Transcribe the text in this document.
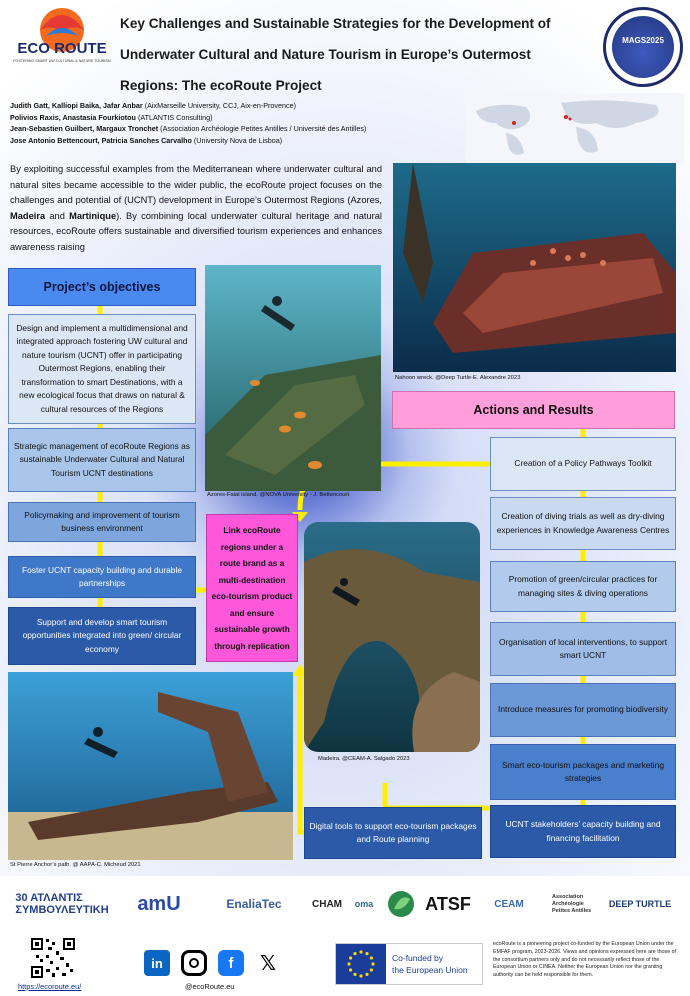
ECO ROUTE
FOSTERING SMART UW CULTURAL & NATURE TOURISM
Key Challenges and Sustainable Strategies for the Development of Underwater Cultural and Nature Tourism in Europe’s Outermost Regions: The ecoRoute Project
MAGS2025
Judith Gatt, Kalliopi Baika, Jafar Anbar (AixMarseille University, CCJ, Aix-en-Provence)
Polivios Raxis, Anastasia Fourkiotou (ATLANTIS Consulting)
Jean-Sebastien Guilbert, Margaux Tronchet (Association Archéologie Petites Antilles / Université des Antilles)
Jose Antonio Bettencourt, Patricia Sanches Carvalho (University Nova de Lisboa)
By exploiting successful examples from the Mediterranean where underwater cultural and natural sites became accessible to the wider public, the ecoRoute project focuses on the challenges and potential of (UCNT) development in Europe’s Outermost Regions (Azores, Madeira and Martinique). By combining local underwater cultural heritage and natural resources, ecoRoute offers sustainable and diversified tourism experiences and enhances awareness raising
Nahoon wreck. @Deep Turtle-E. Alexandre 2023
Azores-Faial island. @NOVA University - J. Bettencourt
Madeira. @CEAM-A. Salgado 2023
St Pierre Anchor’s path. @ AAPA-C. Micheud 2021
Project’s objectives
Design and implement a multidimensional and integrated approach fostering UW cultural and nature tourism (UCNT) offer in participating Outermost Regions, enabling their transformation to smart Destinations, with a new ecological focus that draws on natural & cultural resources of the Regions
Strategic management of ecoRoute Regions as sustainable Underwater Cultural and Natural Tourism UCNT destinations
Policymaking and improvement of tourism business environment
Foster UCNT capacity building and durable partnerships
Support and develop smart tourism opportunities integrated into green/ circular economy
Link ecoRoute regions under a route brand as a multi-destination eco-tourism product and ensure sustainable growth through replication
Actions and Results
Creation of a Policy Pathways Toolkit
Creation of diving trials as well as dry-diving experiences in Knowledge Awareness Centres
Promotion of green/circular practices for managing sites & diving operations
Organisation of local interventions, to support smart UCNT
Introduce measures for promoting biodiversity
Smart eco-tourism packages and marketing strategies
UCNT stakeholders’ capacity building and financing facilitation
Digital tools to support eco-tourism packages and Route planning
30 ΑΤΛΑΝΤΙΣ ΣΥΜΒΟΥΛΕΥΤΙΚΗ	amU	EnaliaTec	CHAM	oma	ATSF	CEAM
Association Archéologie Petites Antilles
DEEP TURTLE
https://ecoroute.eu/
in	f	𝕏
@ecoRoute.eu
Co-funded by
the European Union
ecoRoute is a pioneering project co-funded by the European Union under the EMFAF program, 2023-2026. Views and opinions expressed here are those of the consortium partners only and do not necessarily reflect those of the European Union or CINEA. Neither the European Union nor the granting authority can be held responsible for them.
